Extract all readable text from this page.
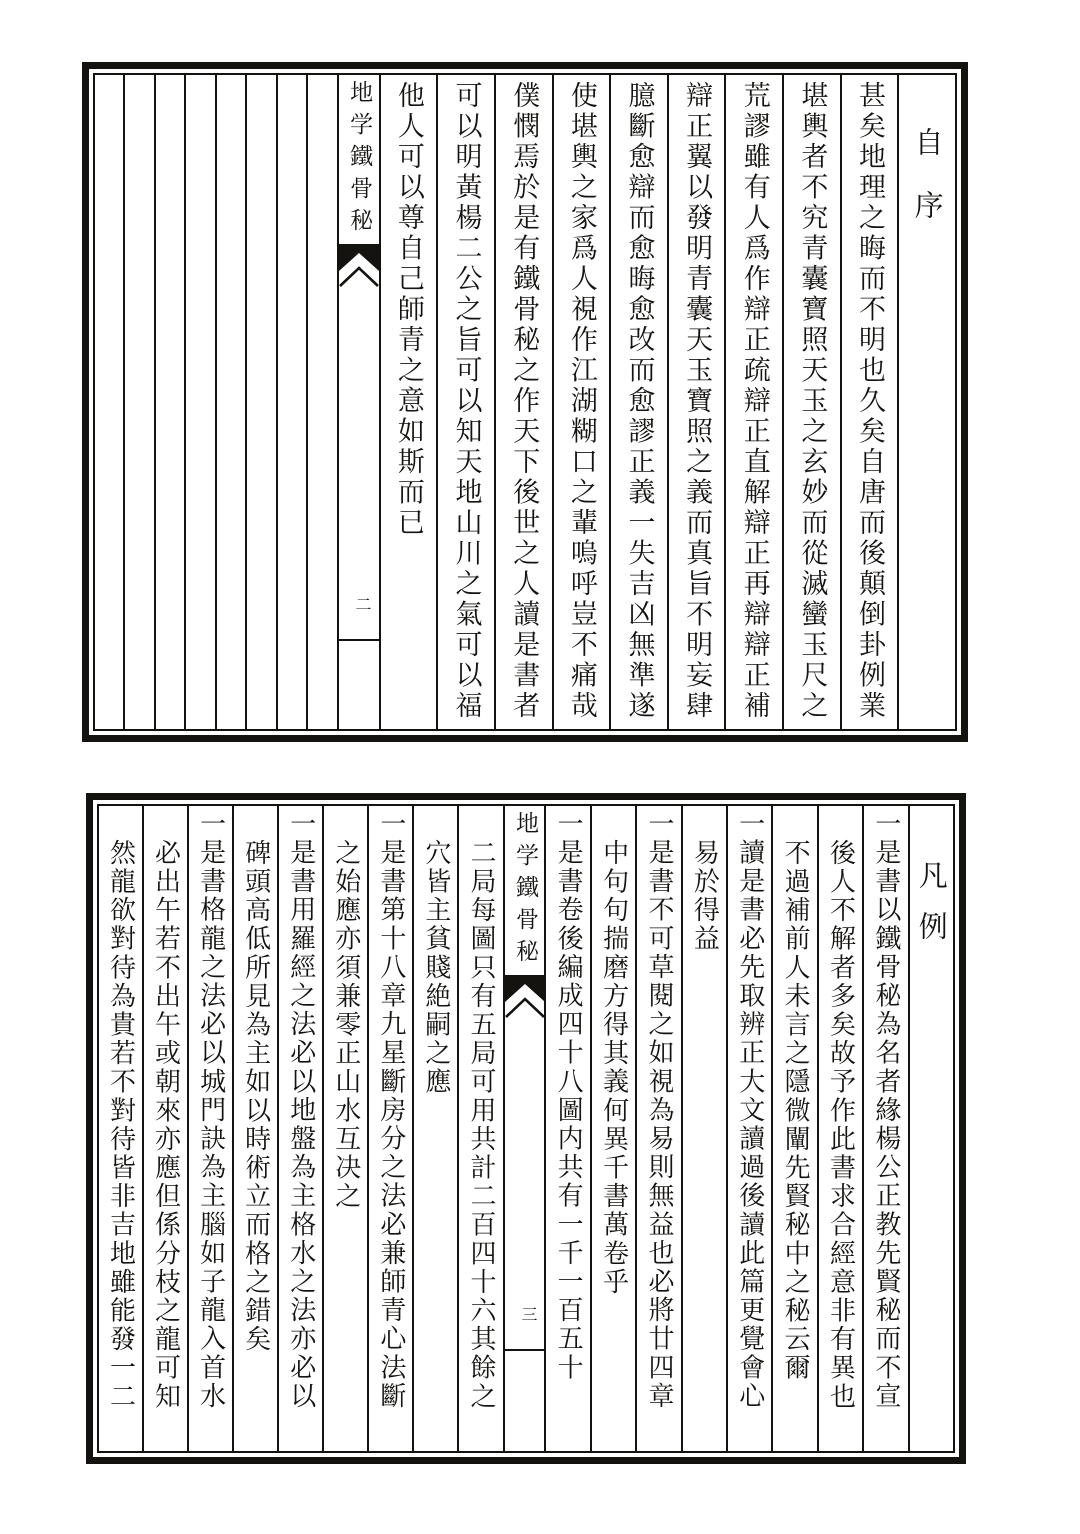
自序
甚矣地理之晦而不明也久矣自唐而後顛倒卦例業
堪輿者不究青囊寶照天玉之玄妙而從滅蠻玉尺之
荒謬雖有人爲作辯正疏辯正直解辯正再辯辯正補
辯正翼以發明青囊天玉寶照之義而真旨不明妄肆
臆斷愈辯而愈晦愈改而愈謬正義一失吉凶無準遂
使堪輿之家爲人視作江湖糊口之輩嗚呼豈不痛哉
僕憫焉於是有鐵骨秘之作天下後世之人讀是書者
可以明黃楊二公之旨可以知天地山川之氣可以福
他人可以尊自己師青之意如斯而已
地学鐵骨秘
二
凡例
一是書以鐵骨秘為名者緣楊公正教先賢秘而不宣
後人不解者多矣故予作此書求合經意非有異也
不過補前人未言之隱微闡先賢秘中之秘云爾
一讀是書必先取辨正大文讀過後讀此篇更覺會心
易於得益
一是書不可草閱之如視為易則無益也必將廿四章
中句句揣磨方得其義何異千書萬卷乎
一是書卷後編成四十八圖内共有一千一百五十
地学鐵骨秘
三
二局每圖只有五局可用共計二百四十六其餘之
穴皆主貧賤絶嗣之應
一是書第十八章九星斷房分之法必兼師青心法斷
之始應亦須兼零正山水互决之
一是書用羅經之法必以地盤為主格水之法亦必以
碑頭高低所見為主如以時術立而格之錯矣
一是書格龍之法必以城門訣為主腦如子龍入首水
必出午若不出午或朝來亦應但係分枝之龍可知
然龍欲對待為貴若不對待皆非吉地雖能發一二
